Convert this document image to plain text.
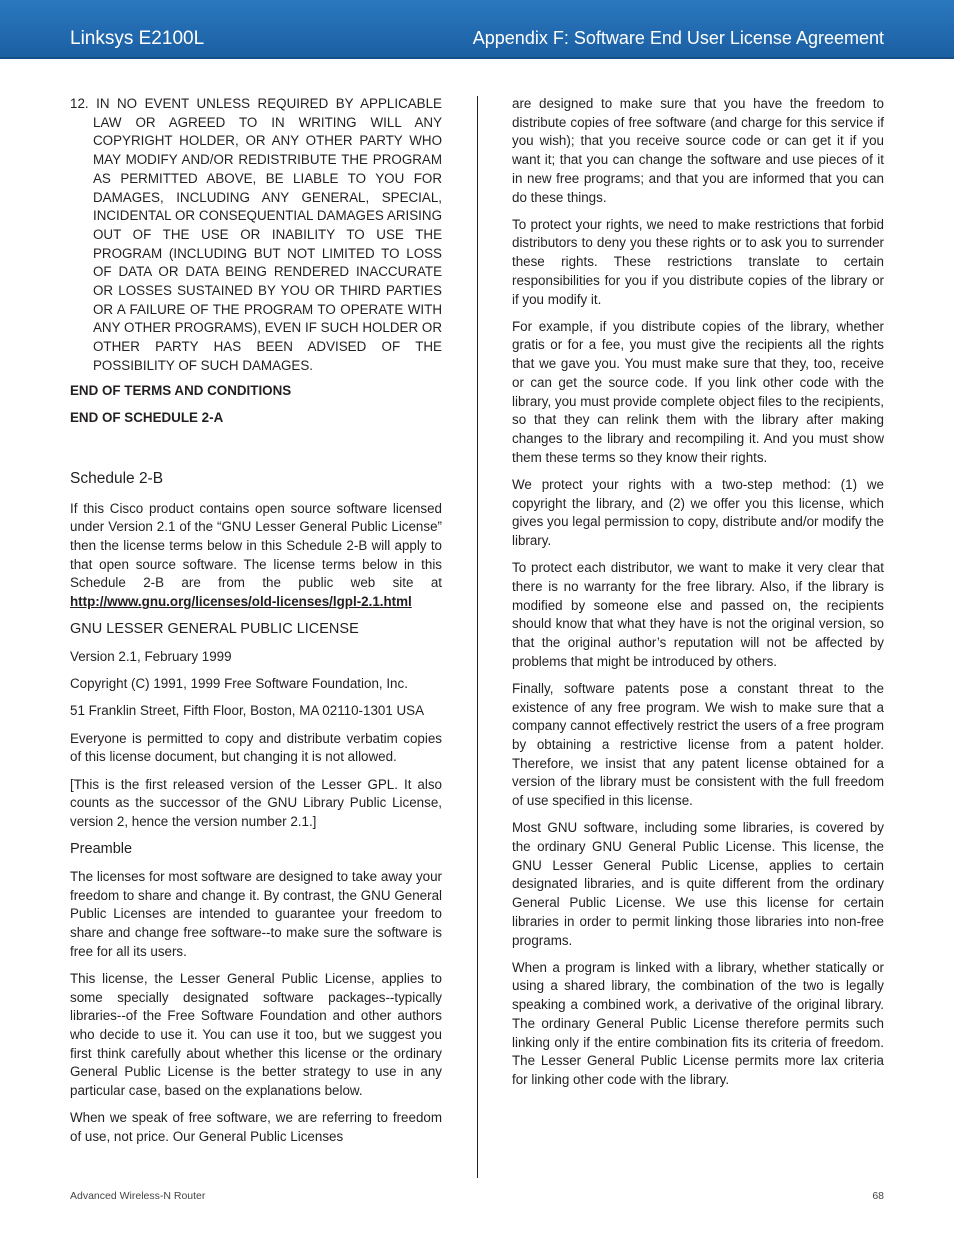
Linksys E2100L	Appendix F: Software End User License Agreement

12. IN NO EVENT UNLESS REQUIRED BY APPLICABLE LAW OR AGREED TO IN WRITING WILL ANY COPYRIGHT HOLDER, OR ANY OTHER PARTY WHO MAY MODIFY AND/OR REDISTRIBUTE THE PROGRAM AS PERMITTED ABOVE, BE LIABLE TO YOU FOR DAMAGES, INCLUDING ANY GENERAL, SPECIAL, INCIDENTAL OR CONSEQUENTIAL DAMAGES ARISING OUT OF THE USE OR INABILITY TO USE THE PROGRAM (INCLUDING BUT NOT LIMITED TO LOSS OF DATA OR DATA BEING RENDERED INACCURATE OR LOSSES SUSTAINED BY YOU OR THIRD PARTIES OR A FAILURE OF THE PROGRAM TO OPERATE WITH ANY OTHER PROGRAMS), EVEN IF SUCH HOLDER OR OTHER PARTY HAS BEEN ADVISED OF THE POSSIBILITY OF SUCH DAMAGES.

END OF TERMS AND CONDITIONS

END OF SCHEDULE 2-A

Schedule 2-B

If this Cisco product contains open source software licensed under Version 2.1 of the “GNU Lesser General Public License” then the license terms below in this Schedule 2-B will apply to that open source software. The license terms below in this Schedule 2-B are from the public web site at http://www.gnu.org/licenses/old-licenses/lgpl-2.1.html

GNU LESSER GENERAL PUBLIC LICENSE

Version 2.1, February 1999

Copyright (C) 1991, 1999 Free Software Foundation, Inc.

51 Franklin Street, Fifth Floor, Boston, MA 02110-1301 USA

Everyone is permitted to copy and distribute verbatim copies of this license document, but changing it is not allowed.

[This is the first released version of the Lesser GPL. It also counts as the successor of the GNU Library Public License, version 2, hence the version number 2.1.]

Preamble

The licenses for most software are designed to take away your freedom to share and change it. By contrast, the GNU General Public Licenses are intended to guarantee your freedom to share and change free software--to make sure the software is free for all its users.

This license, the Lesser General Public License, applies to some specially designated software packages--typically libraries--of the Free Software Foundation and other authors who decide to use it. You can use it too, but we suggest you first think carefully about whether this license or the ordinary General Public License is the better strategy to use in any particular case, based on the explanations below.

When we speak of free software, we are referring to freedom of use, not price. Our General Public Licenses

are designed to make sure that you have the freedom to distribute copies of free software (and charge for this service if you wish); that you receive source code or can get it if you want it; that you can change the software and use pieces of it in new free programs; and that you are informed that you can do these things.

To protect your rights, we need to make restrictions that forbid distributors to deny you these rights or to ask you to surrender these rights. These restrictions translate to certain responsibilities for you if you distribute copies of the library or if you modify it.

For example, if you distribute copies of the library, whether gratis or for a fee, you must give the recipients all the rights that we gave you. You must make sure that they, too, receive or can get the source code. If you link other code with the library, you must provide complete object files to the recipients, so that they can relink them with the library after making changes to the library and recompiling it. And you must show them these terms so they know their rights.

We protect your rights with a two-step method: (1) we copyright the library, and (2) we offer you this license, which gives you legal permission to copy, distribute and/or modify the library.

To protect each distributor, we want to make it very clear that there is no warranty for the free library. Also, if the library is modified by someone else and passed on, the recipients should know that what they have is not the original version, so that the original author’s reputation will not be affected by problems that might be introduced by others.

Finally, software patents pose a constant threat to the existence of any free program. We wish to make sure that a company cannot effectively restrict the users of a free program by obtaining a restrictive license from a patent holder. Therefore, we insist that any patent license obtained for a version of the library must be consistent with the full freedom of use specified in this license.

Most GNU software, including some libraries, is covered by the ordinary GNU General Public License. This license, the GNU Lesser General Public License, applies to certain designated libraries, and is quite different from the ordinary General Public License. We use this license for certain libraries in order to permit linking those libraries into non-free programs.

When a program is linked with a library, whether statically or using a shared library, the combination of the two is legally speaking a combined work, a derivative of the original library. The ordinary General Public License therefore permits such linking only if the entire combination fits its criteria of freedom. The Lesser General Public License permits more lax criteria for linking other code with the library.

Advanced Wireless-N Router	68
